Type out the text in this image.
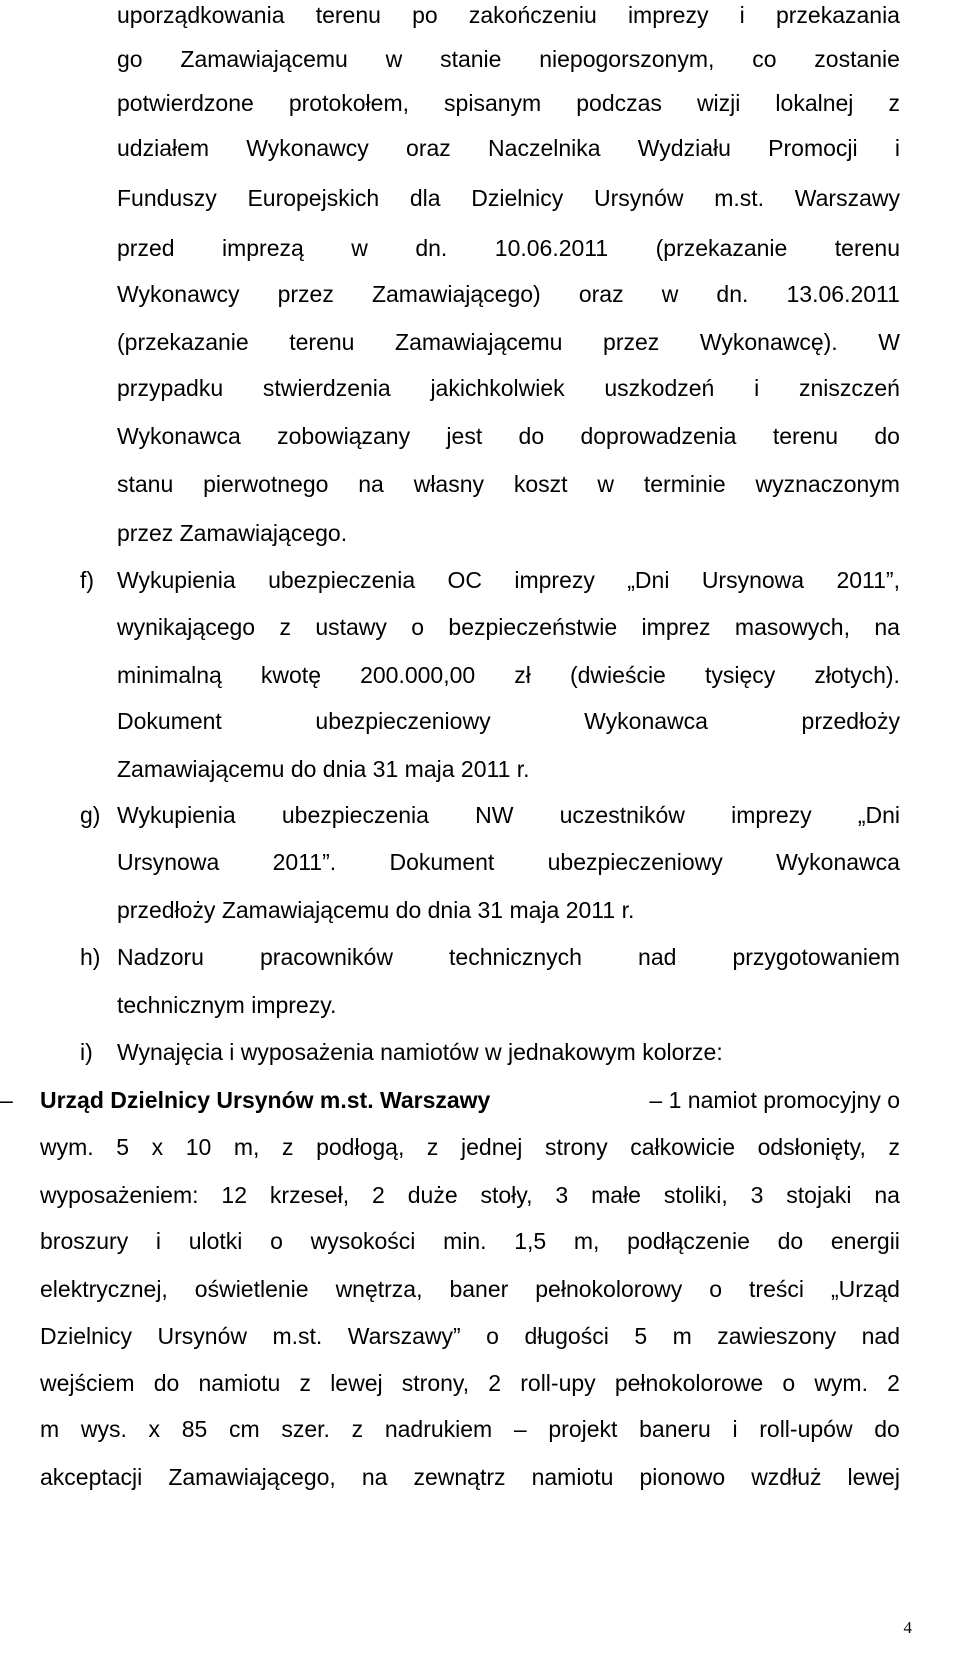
uporządkowania terenu po zakończeniu imprezy i przekazania
go Zamawiającemu w stanie niepogorszonym, co zostanie
potwierdzone protokołem, spisanym podczas wizji lokalnej z
udziałem Wykonawcy oraz Naczelnika Wydziału Promocji i
Funduszy Europejskich dla Dzielnicy Ursynów m.st. Warszawy
przed imprezą w dn. 10.06.2011 (przekazanie terenu
Wykonawcy przez Zamawiającego) oraz w dn. 13.06.2011
(przekazanie terenu Zamawiającemu przez Wykonawcę). W
przypadku stwierdzenia jakichkolwiek uszkodzeń i zniszczeń
Wykonawca zobowiązany jest do doprowadzenia terenu do
stanu pierwotnego na własny koszt w terminie wyznaczonym
przez Zamawiającego.
f) Wykupienia ubezpieczenia OC imprezy „Dni Ursynowa 2011”,
wynikającego z ustawy o bezpieczeństwie imprez masowych, na
minimalną kwotę 200.000,00 zł (dwieście tysięcy złotych).
Dokument	ubezpieczeniowy	Wykonawca	przedłoży
Zamawiającemu do dnia 31 maja 2011 r.
g) Wykupienia ubezpieczenia NW uczestników imprezy „Dni
Ursynowa 2011”. Dokument ubezpieczeniowy Wykonawca
przedłoży Zamawiającemu do dnia 31 maja 2011 r.
h) Nadzoru pracowników technicznych nad przygotowaniem
technicznym imprezy.
i)	Wynajęcia i wyposażenia namiotów w jednakowym kolorze:
–	Urząd Dzielnicy Ursynów m.st. Warszawy	– 1 namiot promocyjny o
wym. 5 x 10 m, z podłogą, z jednej strony całkowicie odsłonięty, z
wyposażeniem: 12 krzeseł, 2 duże stoły, 3 małe stoliki, 3 stojaki na
broszury i ulotki o wysokości min. 1,5 m, podłączenie do energii
elektrycznej, oświetlenie wnętrza, baner pełnokolorowy o treści „Urząd
Dzielnicy Ursynów m.st. Warszawy” o długości 5 m zawieszony nad
wejściem do namiotu z lewej strony, 2 roll-upy pełnokolorowe o wym. 2
m wys. x 85 cm szer. z nadrukiem – projekt baneru i roll-upów do
akceptacji Zamawiającego, na zewnątrz namiotu pionowo wzdłuż lewej
4
